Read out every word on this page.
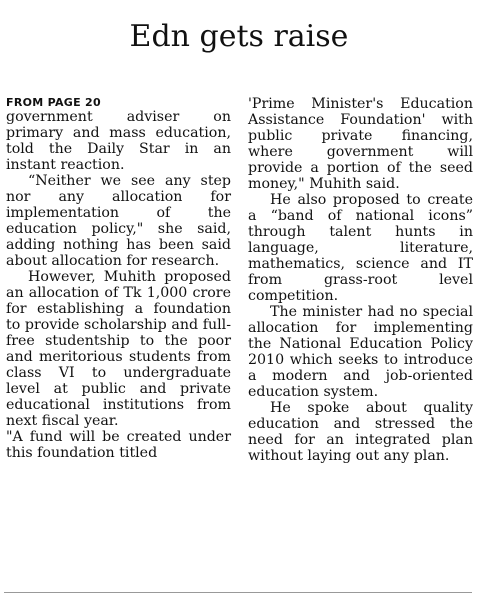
Edn gets raise
FROM PAGE 20

government adviser on primary and mass education, told the Daily Star in an instant reaction.

“Neither we see any step nor any allocation for implementation of the education policy," she said, adding nothing has been said about allocation for research.

However, Muhith proposed an allocation of Tk 1,000 crore for establishing a foundation to provide scholarship and full-free studentship to the poor and meritorious students from class VI to undergraduate level at public and private educational institutions from next fiscal year.

"A fund will be created under this foundation titled

'Prime Minister's Education Assistance Foundation' with public private financing, where government will provide a portion of the seed money," Muhith said.

He also proposed to create a “band of national icons” through talent hunts in language, literature, mathematics, science and IT from grass-root level competition.

The minister had no special allocation for implementing the National Education Policy 2010 which seeks to introduce a modern and job-oriented education system.

He spoke about quality education and stressed the need for an integrated plan without laying out any plan.
